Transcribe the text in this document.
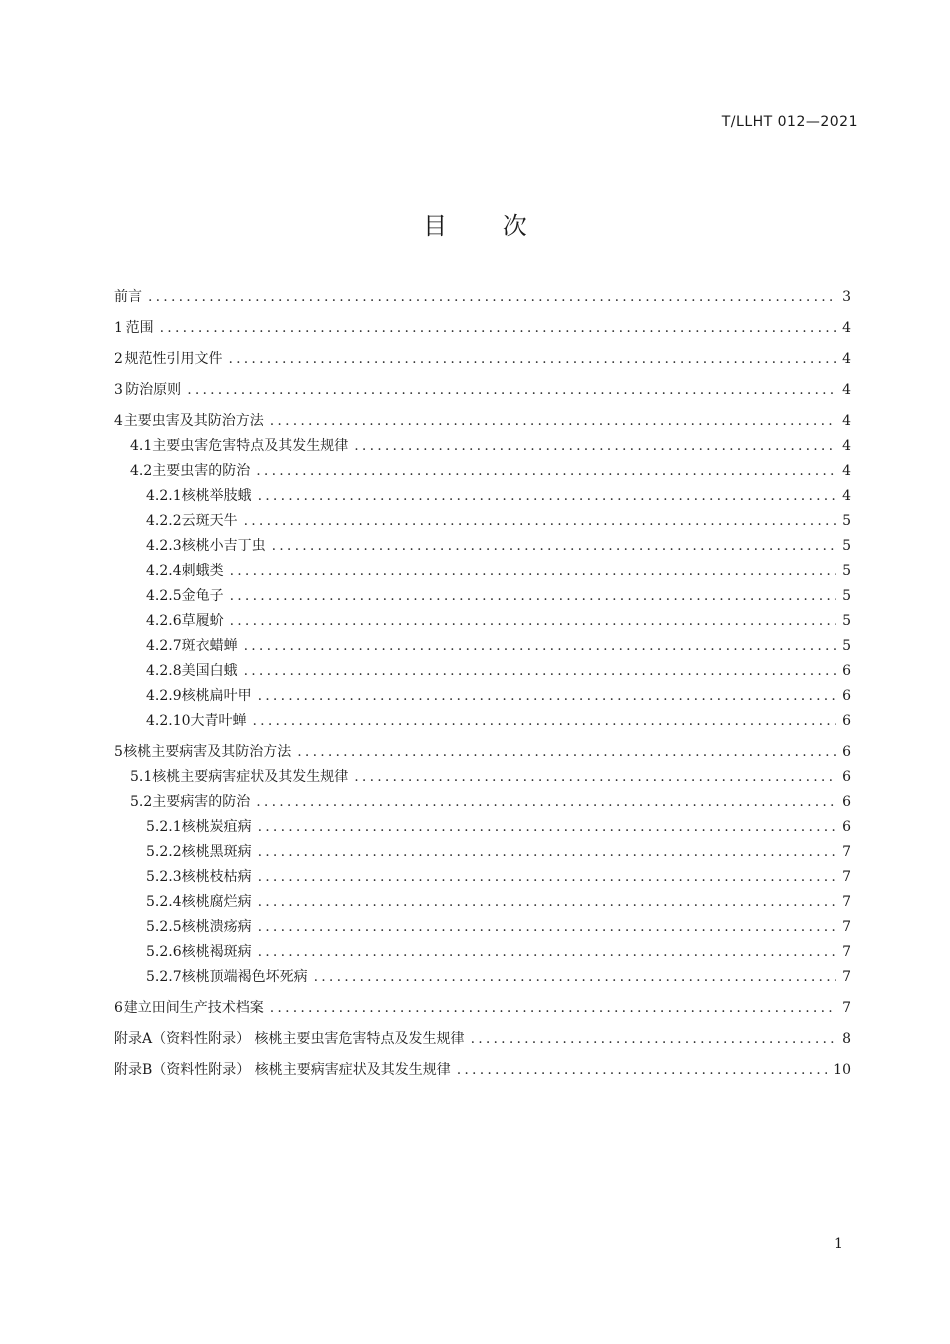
T/LLHT 012—2021
目 次
前言 .....	3
1 范围 .....	4
2 规范性引用文件 .....	4
3 防治原则 .....	4
4 主要虫害及其防治方法 .....	4
4.1 主要虫害危害特点及其发生规律 .....	4
4.2 主要虫害的防治 .....	4
4.2.1 核桃举肢蛾 .....	4
4.2.2 云斑天牛 .....	5
4.2.3 核桃小吉丁虫 .....	5
4.2.4 刺蛾类 .....	5
4.2.5 金龟子 .....	5
4.2.6 草履蚧 .....	5
4.2.7 斑衣蜡蝉 .....	5
4.2.8 美国白蛾 .....	6
4.2.9 核桃扁叶甲 .....	6
4.2.10 大青叶蝉 .....	6
5 核桃主要病害及其防治方法 .....	6
5.1 核桃主要病害症状及其发生规律 .....	6
5.2 主要病害的防治 .....	6
5.2.1 核桃炭疽病 .....	6
5.2.2 核桃黑斑病 .....	7
5.2.3 核桃枝枯病 .....	7
5.2.4 核桃腐烂病 .....	7
5.2.5 核桃溃疡病 .....	7
5.2.6 核桃褐斑病 .....	7
5.2.7 核桃顶端褐色坏死病 .....	7
6 建立田间生产技术档案 .....	7
附录A（资料性附录） 核桃主要虫害危害特点及发生规律 .....	8
附录B（资料性附录） 核桃主要病害症状及其发生规律 .....	10
1
